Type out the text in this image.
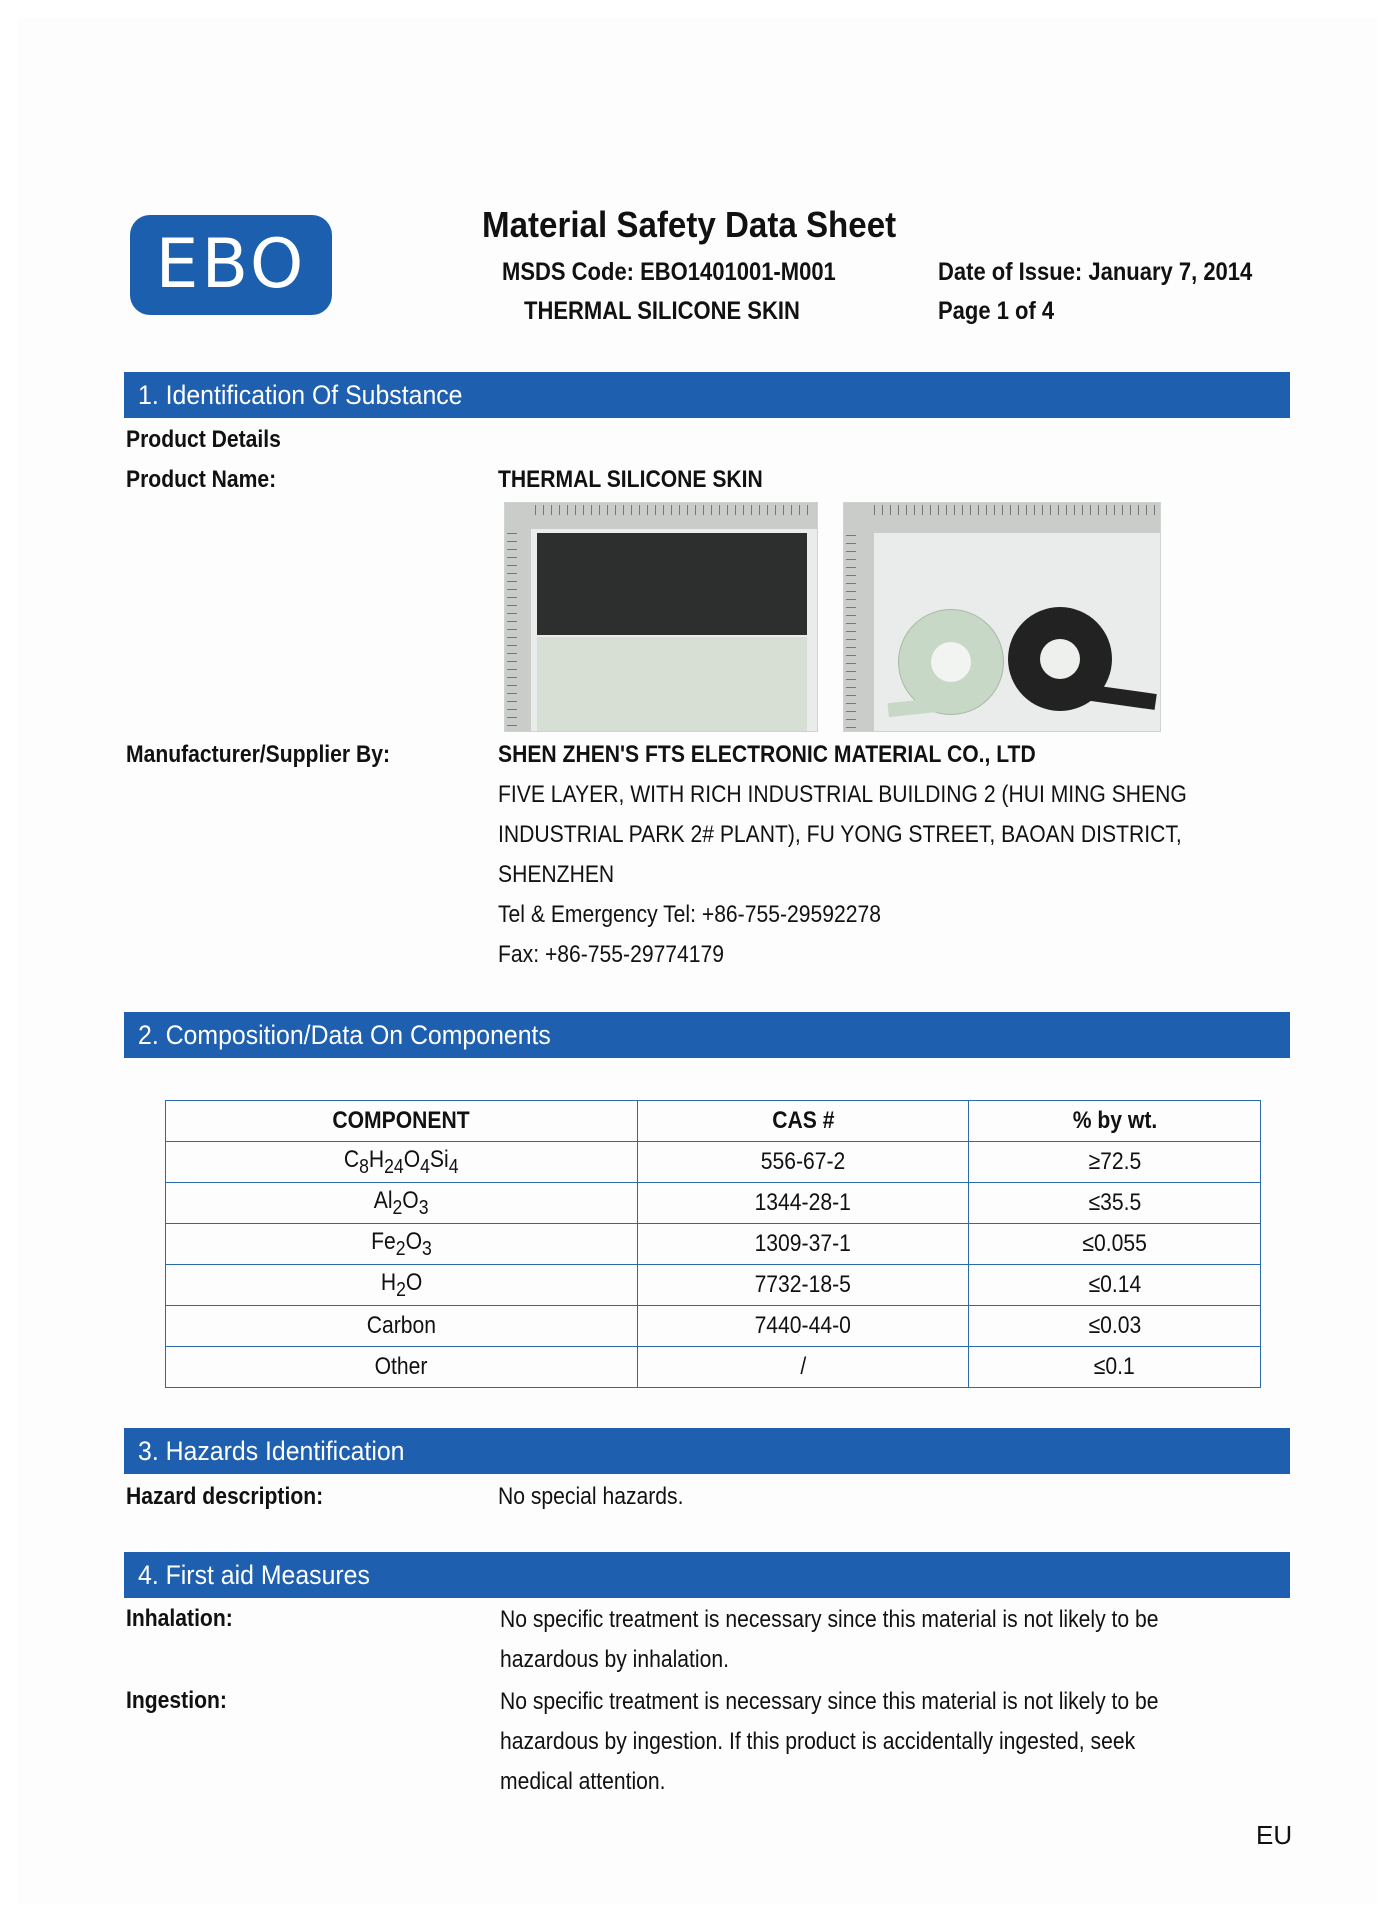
EBO
Material Safety Data Sheet
MSDS Code: EBO1401001-M001
THERMAL SILICONE SKIN
Date of Issue: January 7, 2014
Page 1 of 4
1. Identification Of Substance
Product Details
Product Name:	THERMAL SILICONE SKIN
Manufacturer/Supplier By:	SHEN ZHEN'S FTS ELECTRONIC MATERIAL CO., LTD
FIVE LAYER, WITH RICH INDUSTRIAL BUILDING 2 (HUI MING SHENG
INDUSTRIAL PARK 2# PLANT), FU YONG STREET, BAOAN DISTRICT,
SHENZHEN
Tel & Emergency Tel: +86-755-29592278
Fax: +86-755-29774179
2. Composition/Data On Components
COMPONENT	CAS #	% by wt.
$C_8H_{24}O_4Si_4$	556-67-2	≥72.5
$Al_2O_3$	1344-28-1	≤35.5
$Fe_2O_3$	1309-37-1	≤0.055
$H_2O$	7732-18-5	≤0.14
Carbon	7440-44-0	≤0.03
Other	/	≤0.1
3. Hazards Identification
Hazard description:	No special hazards.
4. First aid Measures
Inhalation:	No specific treatment is necessary since this material is not likely to be hazardous by inhalation.
Ingestion:	No specific treatment is necessary since this material is not likely to be hazardous by ingestion. If this product is accidentally ingested, seek medical attention.
EU
